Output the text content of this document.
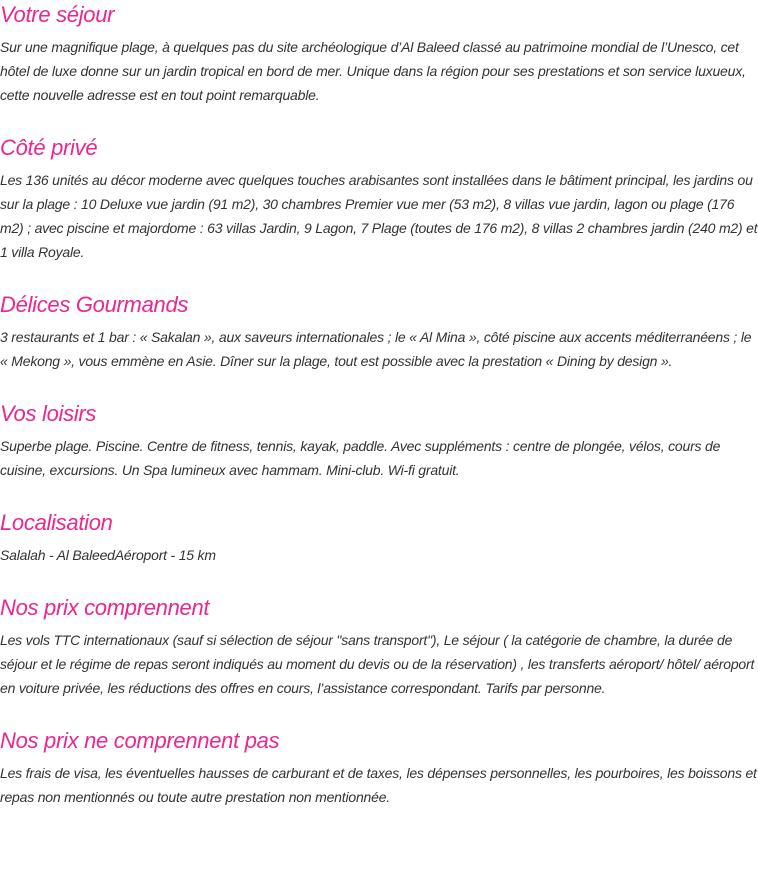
Votre séjour

Sur une magnifique plage, à quelques pas du site archéologique d’Al Baleed classé au patrimoine mondial de l’Unesco, cet hôtel de luxe donne sur un jardin tropical en bord de mer. Unique dans la région pour ses prestations et son service luxueux, cette nouvelle adresse est en tout point remarquable.

Côté privé

Les 136 unités au décor moderne avec quelques touches arabisantes sont installées dans le bâtiment principal, les jardins ou sur la plage : 10 Deluxe vue jardin (91 m2), 30 chambres Premier vue mer (53 m2), 8 villas vue jardin, lagon ou plage (176 m2) ; avec piscine et majordome : 63 villas Jardin, 9 Lagon, 7 Plage (toutes de 176 m2), 8 villas 2 chambres jardin (240 m2) et 1 villa Royale.

Délices Gourmands

3 restaurants et 1 bar : « Sakalan », aux saveurs internationales ; le « Al Mina », côté piscine aux accents méditerranéens ; le « Mekong », vous emmène en Asie. Dîner sur la plage, tout est possible avec la prestation « Dining by design ».

Vos loisirs

Superbe plage. Piscine. Centre de fitness, tennis, kayak, paddle. Avec suppléments : centre de plongée, vélos, cours de cuisine, excursions. Un Spa lumineux avec hammam. Mini-club. Wi-fi gratuit.

Localisation

Salalah - Al BaleedAéroport - 15 km

Nos prix comprennent

Les vols TTC internationaux (sauf si sélection de séjour "sans transport"), Le séjour ( la catégorie de chambre, la durée de séjour et le régime de repas seront indiqués au moment du devis ou de la réservation) , les transferts aéroport/ hôtel/ aéroport en voiture privée, les réductions des offres en cours, l’assistance correspondant. Tarifs par personne.

Nos prix ne comprennent pas

Les frais de visa, les éventuelles hausses de carburant et de taxes, les dépenses personnelles, les pourboires, les boissons et repas non mentionnés ou toute autre prestation non mentionnée.
